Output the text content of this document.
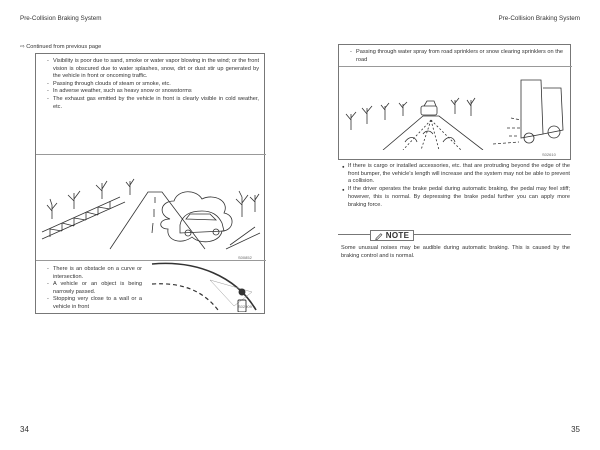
Pre-Collision Braking System	Pre-Collision Braking System
⇨ Continued from previous page
- Visibility is poor due to sand, smoke or water vapor blowing in the wind; or the front vision is obscured due to water splashes, snow, dirt or dust stir up generated by the vehicle in front or oncoming traffic.
- Passing through clouds of steam or smoke, etc.
- In adverse weather, such as heavy snow or snowstorms
- The exhaust gas emitted by the vehicle in front is clearly visible in cold weather, etc.
S00852
- There is an obstacle on a curve or intersection.
- A vehicle or an object is being narrowly passed.
- Stopping very close to a wall or a vehicle in front	S02909
34
- Passing through water spray from road sprinklers or snow clearing sprinklers on the road
S02610
● If there is cargo or installed accessories, etc. that are protruding beyond the edge of the front bumper, the vehicle's length will increase and the system may not be able to prevent a collision.
● If the driver operates the brake pedal during automatic braking, the pedal may feel stiff; however, this is normal. By depressing the brake pedal further you can apply more braking force.
NOTE
Some unusual noises may be audible during automatic braking. This is caused by the braking control and is normal.
35
